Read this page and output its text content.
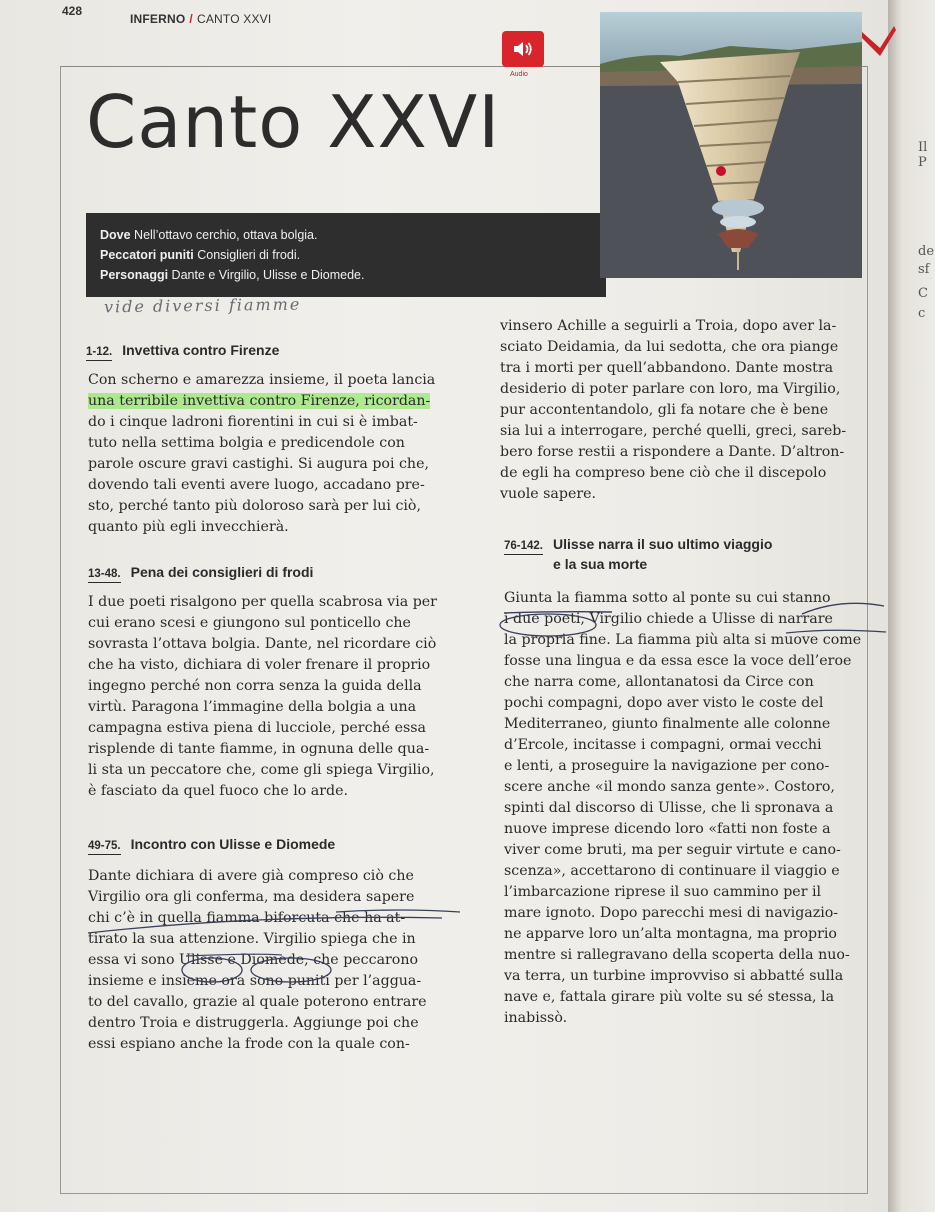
Il P
de
sf
C
c
428
INFERNO / CANTO XXVI
Audio
Canto XXVI
Dove Nell’ottavo cerchio, ottava bolgia.
Peccatori puniti Consiglieri di frodi.
Personaggi Dante e Virgilio, Ulisse e Diomede.
vide diversi fiamme
1-12. Invettiva contro Firenze
Con scherno e amarezza insieme, il poeta lancia
una terribile invettiva contro Firenze, ricordan-
do i cinque ladroni fiorentini in cui si è imbat-
tuto nella settima bolgia e predicendole con
parole oscure gravi castighi. Si augura poi che,
dovendo tali eventi avere luogo, accadano pre-
sto, perché tanto più doloroso sarà per lui ciò,
quanto più egli invecchierà.
13-48. Pena dei consiglieri di frodi
I due poeti risalgono per quella scabrosa via per
cui erano scesi e giungono sul ponticello che
sovrasta l’ottava bolgia. Dante, nel ricordare ciò
che ha visto, dichiara di voler frenare il proprio
ingegno perché non corra senza la guida della
virtù. Paragona l’immagine della bolgia a una
campagna estiva piena di lucciole, perché essa
risplende di tante fiamme, in ognuna delle qua-
li sta un peccatore che, come gli spiega Virgilio,
è fasciato da quel fuoco che lo arde.
49-75. Incontro con Ulisse e Diomede
Dante dichiara di avere già compreso ciò che
Virgilio ora gli conferma, ma desidera sapere
chi c’è in quella fiamma biforcuta che ha at-
tirato la sua attenzione. Virgilio spiega che in
essa vi sono Ulisse e Diomede, che peccarono
insieme e insieme ora sono puniti per l’aggua-
to del cavallo, grazie al quale poterono entrare
dentro Troia e distruggerla. Aggiunge poi che
essi espiano anche la frode con la quale con-
vinsero Achille a seguirli a Troia, dopo aver la-
sciato Deidamia, da lui sedotta, che ora piange
tra i morti per quell’abbandono. Dante mostra
desiderio di poter parlare con loro, ma Virgilio,
pur accontentandolo, gli fa notare che è bene
sia lui a interrogare, perché quelli, greci, sareb-
bero forse restii a rispondere a Dante. D’altron-
de egli ha compreso bene ciò che il discepolo
vuole sapere.
76-142. Ulisse narra il suo ultimo viaggio
e la sua morte
Giunta la fiamma sotto al ponte su cui stanno
i due poeti, Virgilio chiede a Ulisse di narrare
la propria fine. La fiamma più alta si muove come
fosse una lingua e da essa esce la voce dell’eroe
che narra come, allontanatosi da Circe con
pochi compagni, dopo aver visto le coste del
Mediterraneo, giunto finalmente alle colonne
d’Ercole, incitasse i compagni, ormai vecchi
e lenti, a proseguire la navigazione per cono-
scere anche «il mondo sanza gente». Costoro,
spinti dal discorso di Ulisse, che li spronava a
nuove imprese dicendo loro «fatti non foste a
viver come bruti, ma per seguir virtute e cano-
scenza», accettarono di continuare il viaggio e
l’imbarcazione riprese il suo cammino per il
mare ignoto. Dopo parecchi mesi di navigazio-
ne apparve loro un’alta montagna, ma proprio
mentre si rallegravano della scoperta della nuo-
va terra, un turbine improvviso si abbatté sulla
nave e, fattala girare più volte su sé stessa, la
inabissò.
